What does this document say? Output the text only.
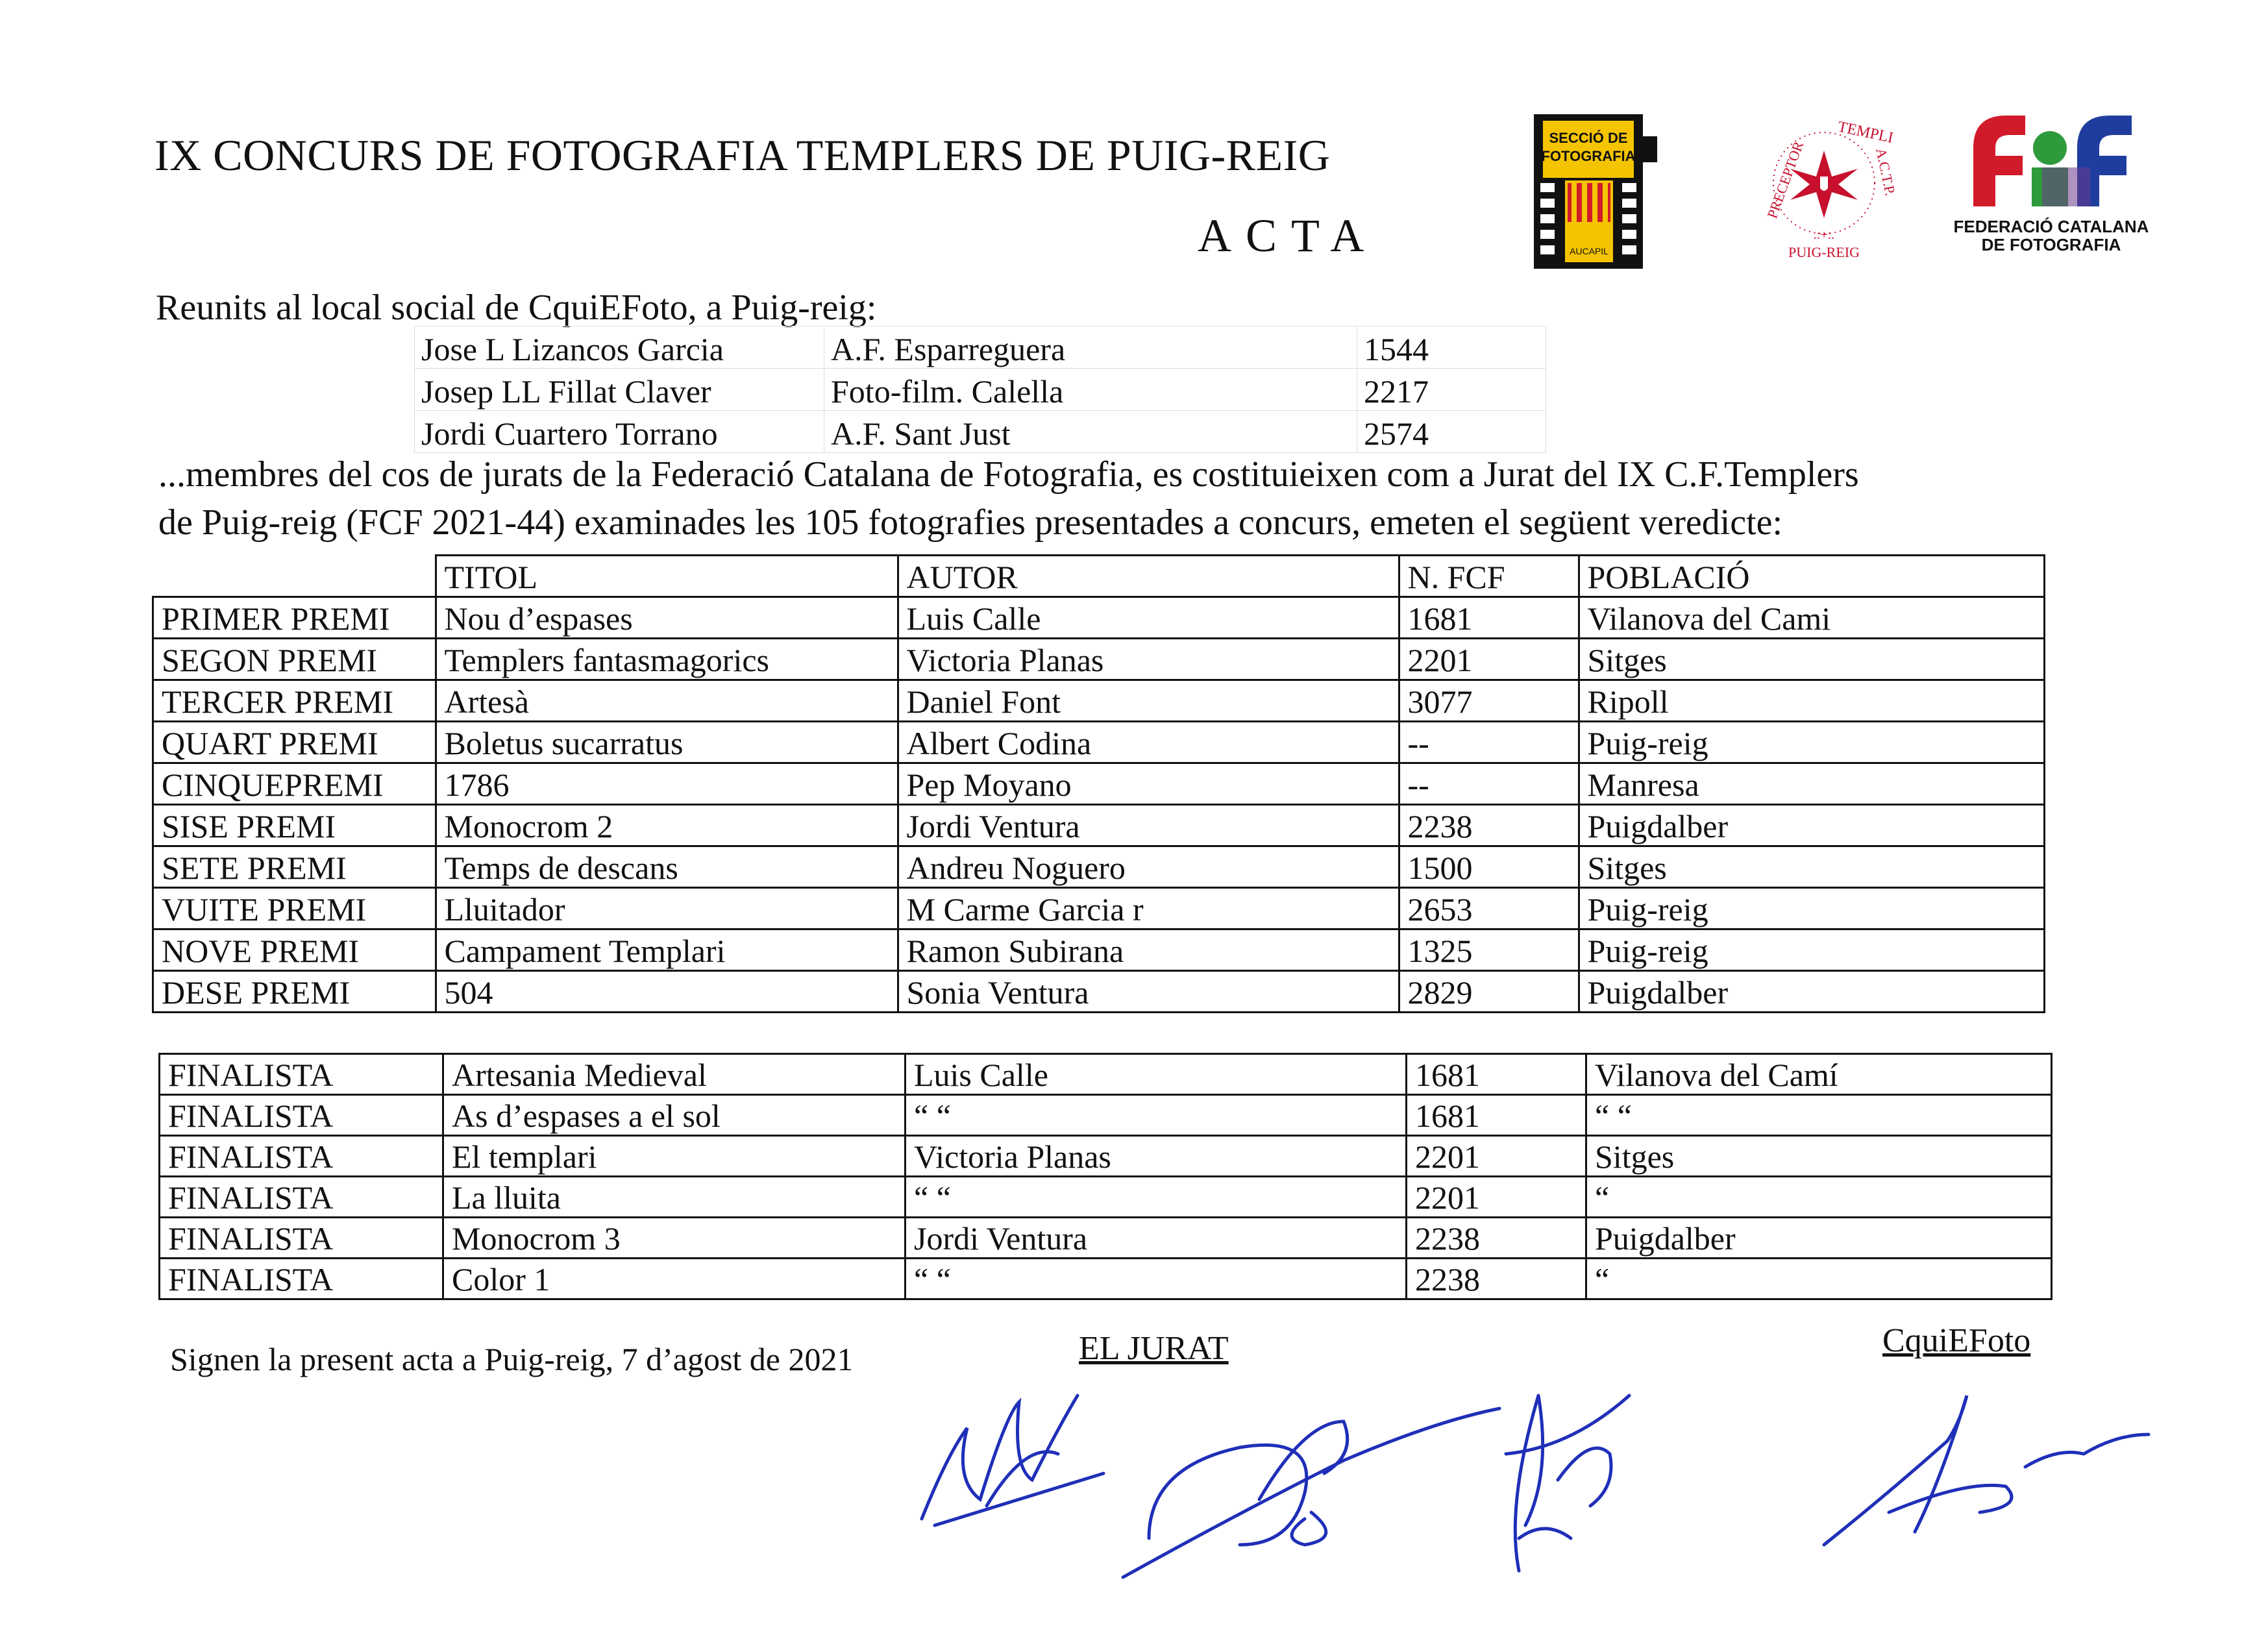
IX CONCURS DE FOTOGRAFIA TEMPLERS DE PUIG-REIG
ACTA
SECCIÓ DE
FOTOGRAFIA
AUCAPIL
TEMPLI
PRECEPTOR	A.C.T.P.
PUIG-REIG
.:+:.	FEDERACIÓ CATALANA
DE FOTOGRAFIA
Reunits al local social de CquiEFoto, a Puig-reig:
Jose L Lizancos Garcia	A.F. Esparreguera	1544
Josep LL Fillat Claver	Foto-film. Calella	2217
Jordi Cuartero Torrano	A.F. Sant Just	2574
...membres del cos de jurats de la Federació Catalana de Fotografia, es costituieixen com a Jurat del IX C.F.Templers
de Puig-reig (FCF 2021-44) examinades les 105 fotografies presentades a concurs, emeten el següent veredicte:
	TITOL	AUTOR	N. FCF	POBLACIÓ
PRIMER PREMI	Nou d’espases	Luis Calle	1681	Vilanova del Cami
SEGON PREMI	Templers fantasmagorics	Victoria Planas	2201	Sitges
TERCER PREMI	Artesà	Daniel Font	3077	Ripoll
QUART PREMI	Boletus sucarratus	Albert Codina	--	Puig-reig
CINQUEPREMI	1786	Pep Moyano	--	Manresa
SISE PREMI	Monocrom 2	Jordi Ventura	2238	Puigdalber
SETE PREMI	Temps de descans	Andreu Noguero	1500	Sitges
VUITE PREMI	Lluitador	M Carme Garcia r	2653	Puig-reig
NOVE PREMI	Campament Templari	Ramon Subirana	1325	Puig-reig
DESE PREMI	504	Sonia Ventura	2829	Puigdalber
FINALISTA	Artesania Medieval	Luis Calle	1681	Vilanova del Camí
FINALISTA	As d’espases a el sol	“ “	1681	“ “
FINALISTA	El templari	Victoria Planas	2201	Sitges
FINALISTA	La lluita	“ “	2201	“
FINALISTA	Monocrom 3	Jordi Ventura	2238	Puigdalber
FINALISTA	Color 1	“ “	2238	“
Signen la present acta a Puig-reig, 7 d’agost de 2021	EL JURAT	CquiEFoto
